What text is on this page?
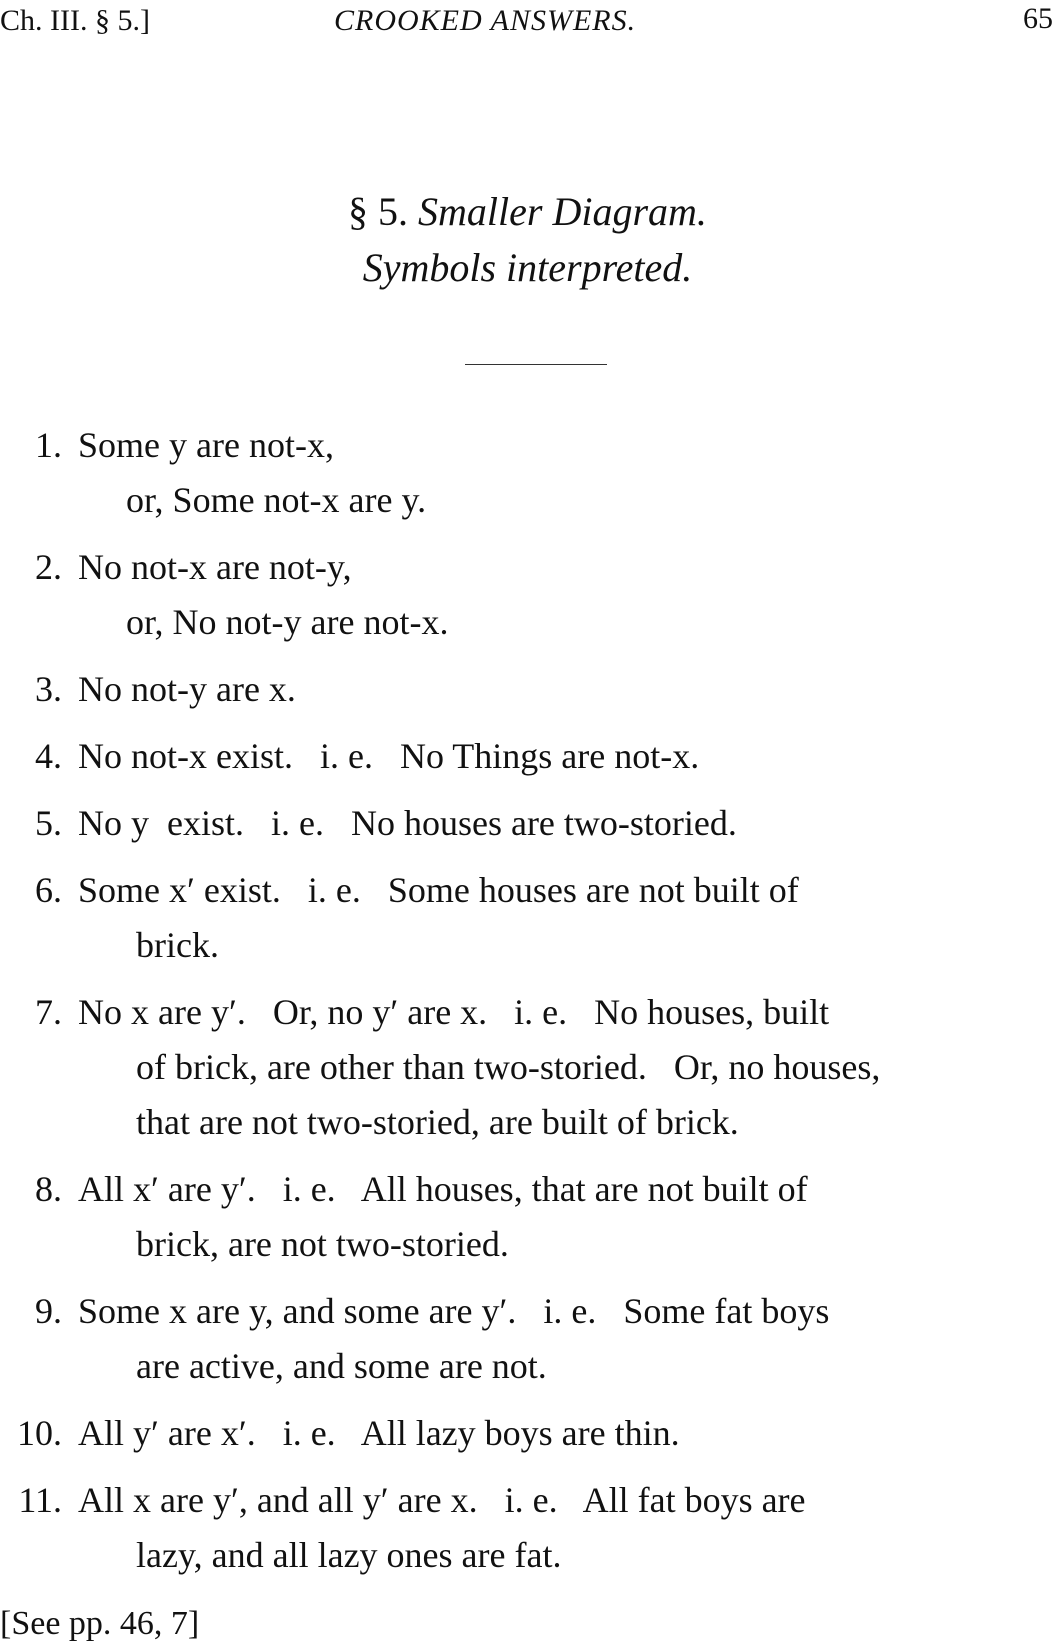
Ch. III. § 5.]	CROOKED ANSWERS.	65
§ 5. Smaller Diagram.
Symbols interpreted.
1. Some y are not-x,
or, Some not-x are y.
2. No not-x are not-y,
or, No not-y are not-x.
3. No not-y are x.
4. No not-x exist.   i. e.   No Things are not-x.
5. No y  exist.   i. e.   No houses are two-storied.
6. Some x′ exist.   i. e.   Some houses are not built of
brick.
7. No x are y′.   Or, no y′ are x.   i. e.   No houses, built
of brick, are other than two-storied.   Or, no houses,
that are not two-storied, are built of brick.
8. All x′ are y′.   i. e.   All houses, that are not built of
brick, are not two-storied.
9. Some x are y, and some are y′.   i. e.   Some fat boys
are active, and some are not.
10. All y′ are x′.   i. e.   All lazy boys are thin.
11. All x are y′, and all y′ are x.   i. e.   All fat boys are
lazy, and all lazy ones are fat.
[See pp. 46, 7]
